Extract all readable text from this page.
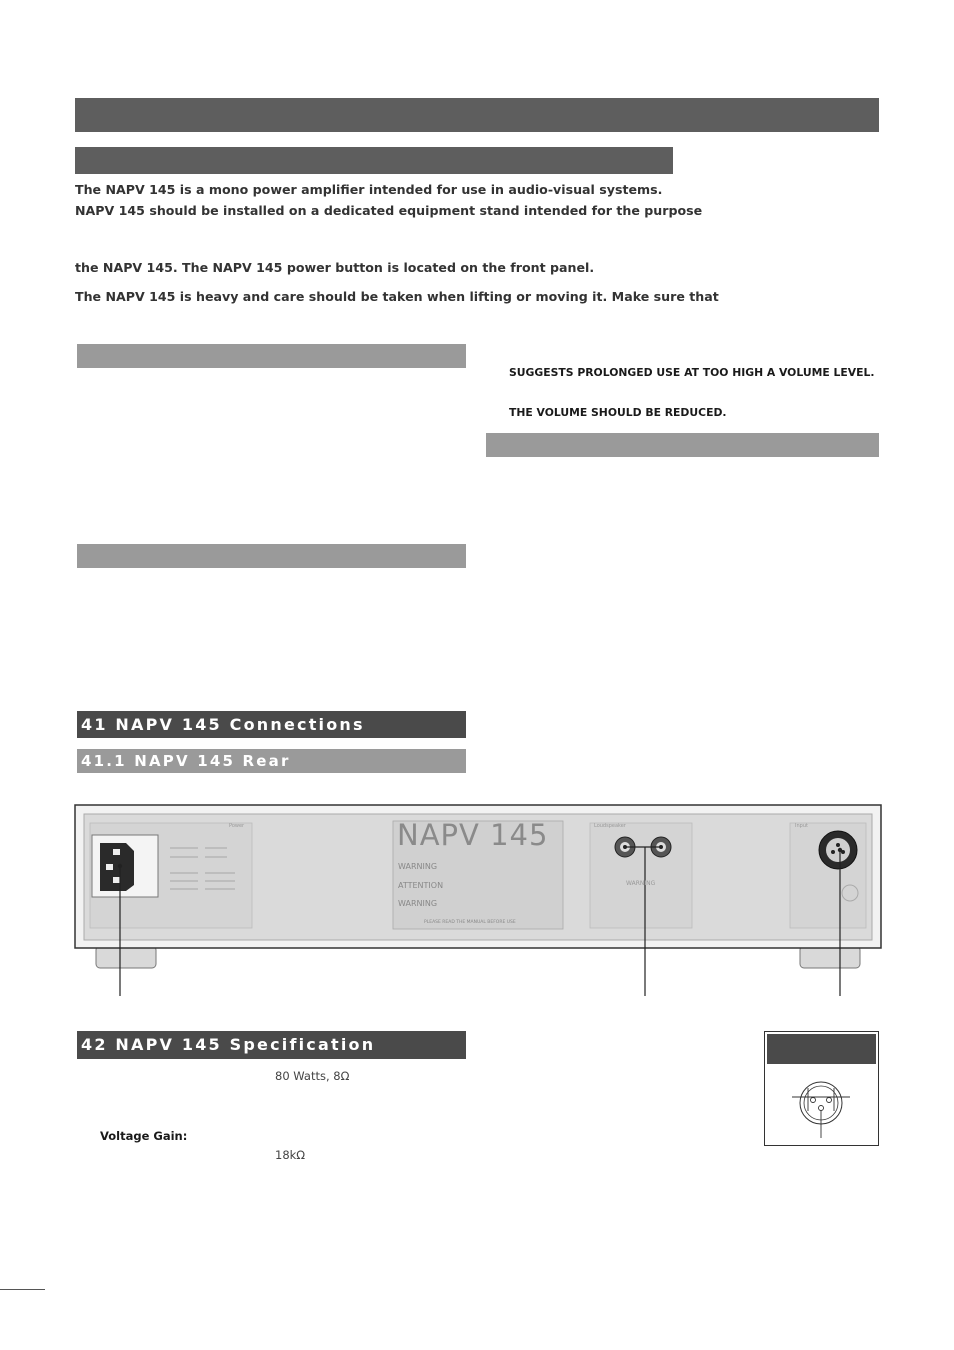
The NAPV 145 is a mono power amplifier intended for use in audio-visual systems.
NAPV 145 should be installed on a dedicated equipment stand intended for the purpose
the NAPV 145. The NAPV 145 power button is located on the front panel.
The NAPV 145 is heavy and care should be taken when lifting or moving it. Make sure that
SUGGESTS PROLONGED USE AT TOO HIGH A VOLUME LEVEL.
THE VOLUME SHOULD BE REDUCED.
41 NAPV 145 Connections
41.1 NAPV 145 Rear
Power	NAPV 145
WARNING
ATTENTION
WARNING
PLEASE READ THE MANUAL BEFORE USE
Loudspeaker
WARNING
Input
42 NAPV 145 Specification
80 Watts, 8Ω
Voltage Gain:
18kΩ
